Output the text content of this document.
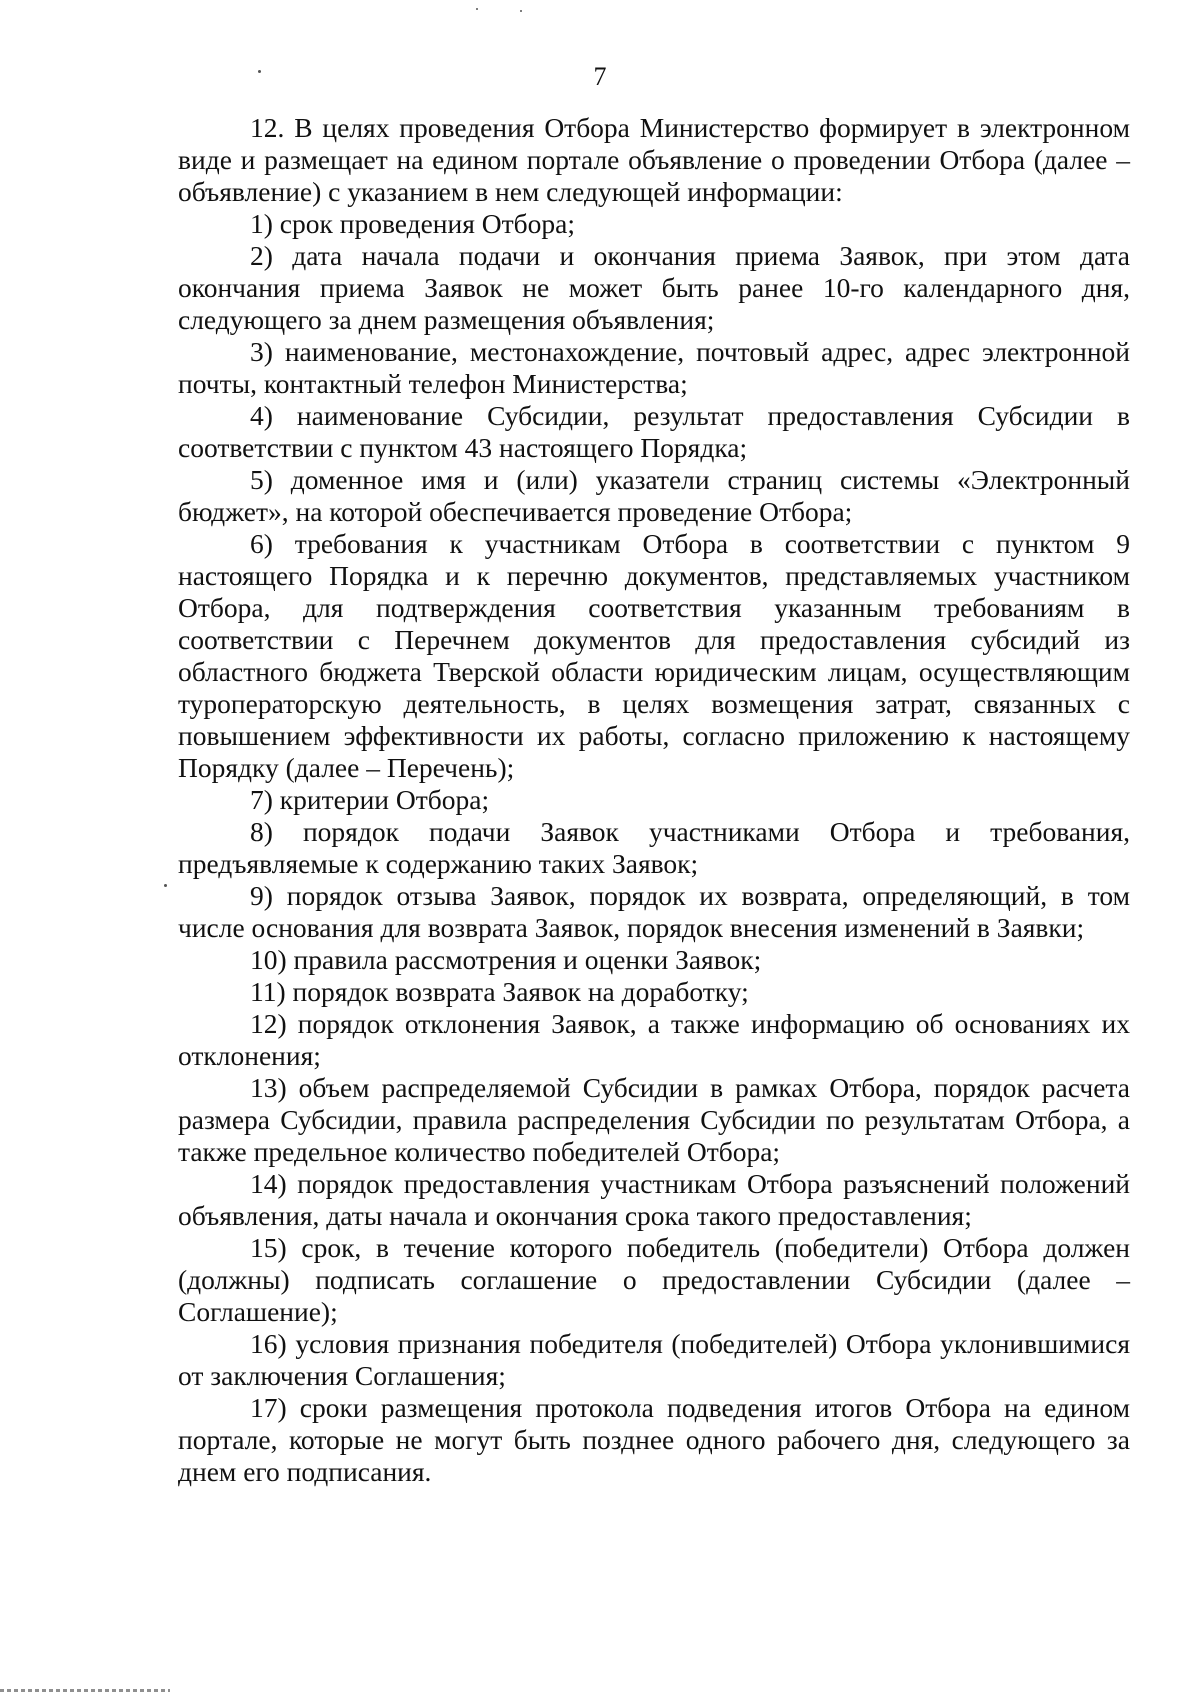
7

12. В целях проведения Отбора Министерство формирует в электронном виде и размещает на едином портале объявление о проведении Отбора (далее – объявление) с указанием в нем следующей информации:

1) срок проведения Отбора;

2) дата начала подачи и окончания приема Заявок, при этом дата окончания приема Заявок не может быть ранее 10-го календарного дня, следующего за днем размещения объявления;

3) наименование, местонахождение, почтовый адрес, адрес электронной почты, контактный телефон Министерства;

4) наименование Субсидии, результат предоставления Субсидии в соответствии с пунктом 43 настоящего Порядка;

5) доменное имя и (или) указатели страниц системы «Электронный бюджет», на которой обеспечивается проведение Отбора;

6) требования к участникам Отбора в соответствии с пунктом 9 настоящего Порядка и к перечню документов, представляемых участником Отбора, для подтверждения соответствия указанным требованиям в соответствии с Перечнем документов для предоставления субсидий из областного бюджета Тверской области юридическим лицам, осуществляющим туроператорскую деятельность, в целях возмещения затрат, связанных с повышением эффективности их работы, согласно приложению к настоящему Порядку (далее – Перечень);

7) критерии Отбора;

8) порядок подачи Заявок участниками Отбора и требования, предъявляемые к содержанию таких Заявок;

9) порядок отзыва Заявок, порядок их возврата, определяющий, в том числе основания для возврата Заявок, порядок внесения изменений в Заявки;

10) правила рассмотрения и оценки Заявок;

11) порядок возврата Заявок на доработку;

12) порядок отклонения Заявок, а также информацию об основаниях их отклонения;

13) объем распределяемой Субсидии в рамках Отбора, порядок расчета размера Субсидии, правила распределения Субсидии по результатам Отбора, а также предельное количество победителей Отбора;

14) порядок предоставления участникам Отбора разъяснений положений объявления, даты начала и окончания срока такого предоставления;

15) срок, в течение которого победитель (победители) Отбора должен (должны) подписать соглашение о предоставлении Субсидии (далее – Соглашение);

16) условия признания победителя (победителей) Отбора уклонившимися от заключения Соглашения;

17) сроки размещения протокола подведения итогов Отбора на едином портале, которые не могут быть позднее одного рабочего дня, следующего за днем его подписания.
